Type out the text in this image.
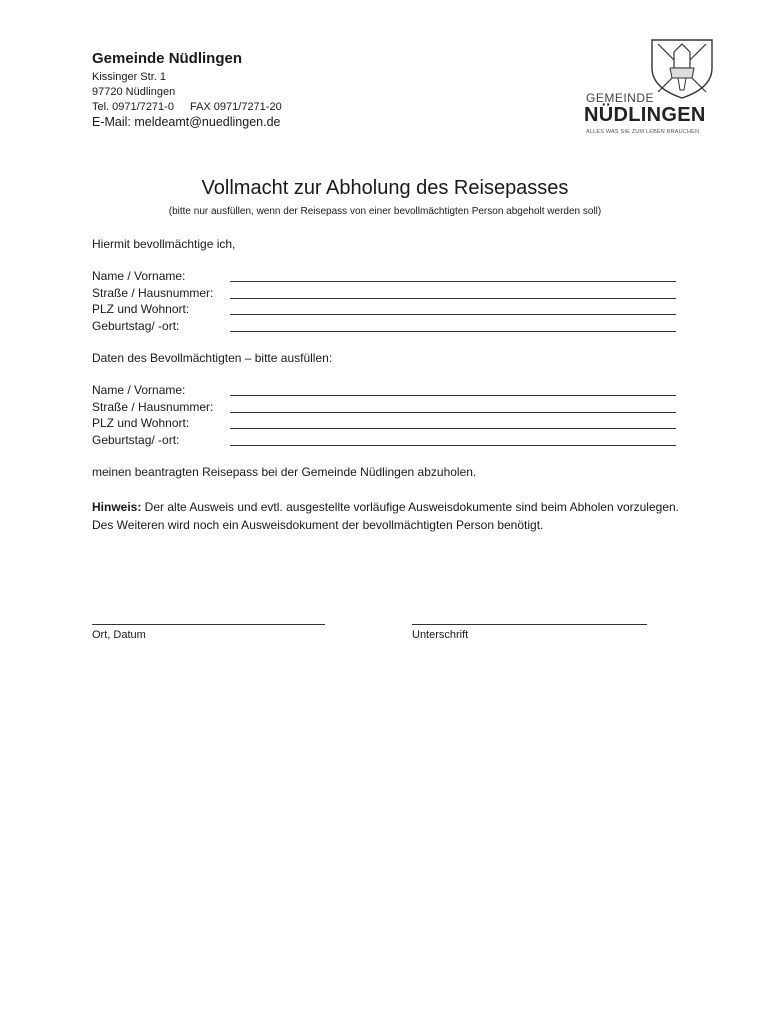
Gemeinde Nüdlingen
Kissinger Str. 1
97720 Nüdlingen
Tel. 0971/7271-0 FAX 0971/7271-20
E-Mail: meldeamt@nuedlingen.de
GEMEINDE
NÜDLINGEN
ALLES WAS SIE ZUM LEBEN BRAUCHEN
Vollmacht zur Abholung des Reisepasses
(bitte nur ausfüllen, wenn der Reisepass von einer bevollmächtigten Person abgeholt werden soll)
Hiermit bevollmächtige ich,
Name / Vorname:
Straße / Hausnummer:
PLZ und Wohnort:
Geburtstag/ -ort:
Daten des Bevollmächtigten – bitte ausfüllen:
Name / Vorname:
Straße / Hausnummer:
PLZ und Wohnort:
Geburtstag/ -ort:
meinen beantragten Reisepass bei der Gemeinde Nüdlingen abzuholen.
Hinweis: Der alte Ausweis und evtl. ausgestellte vorläufige Ausweisdokumente sind beim Abholen vorzulegen. Des Weiteren wird noch ein Ausweisdokument der bevollmächtigten Person benötigt.
Ort, Datum	Unterschrift
